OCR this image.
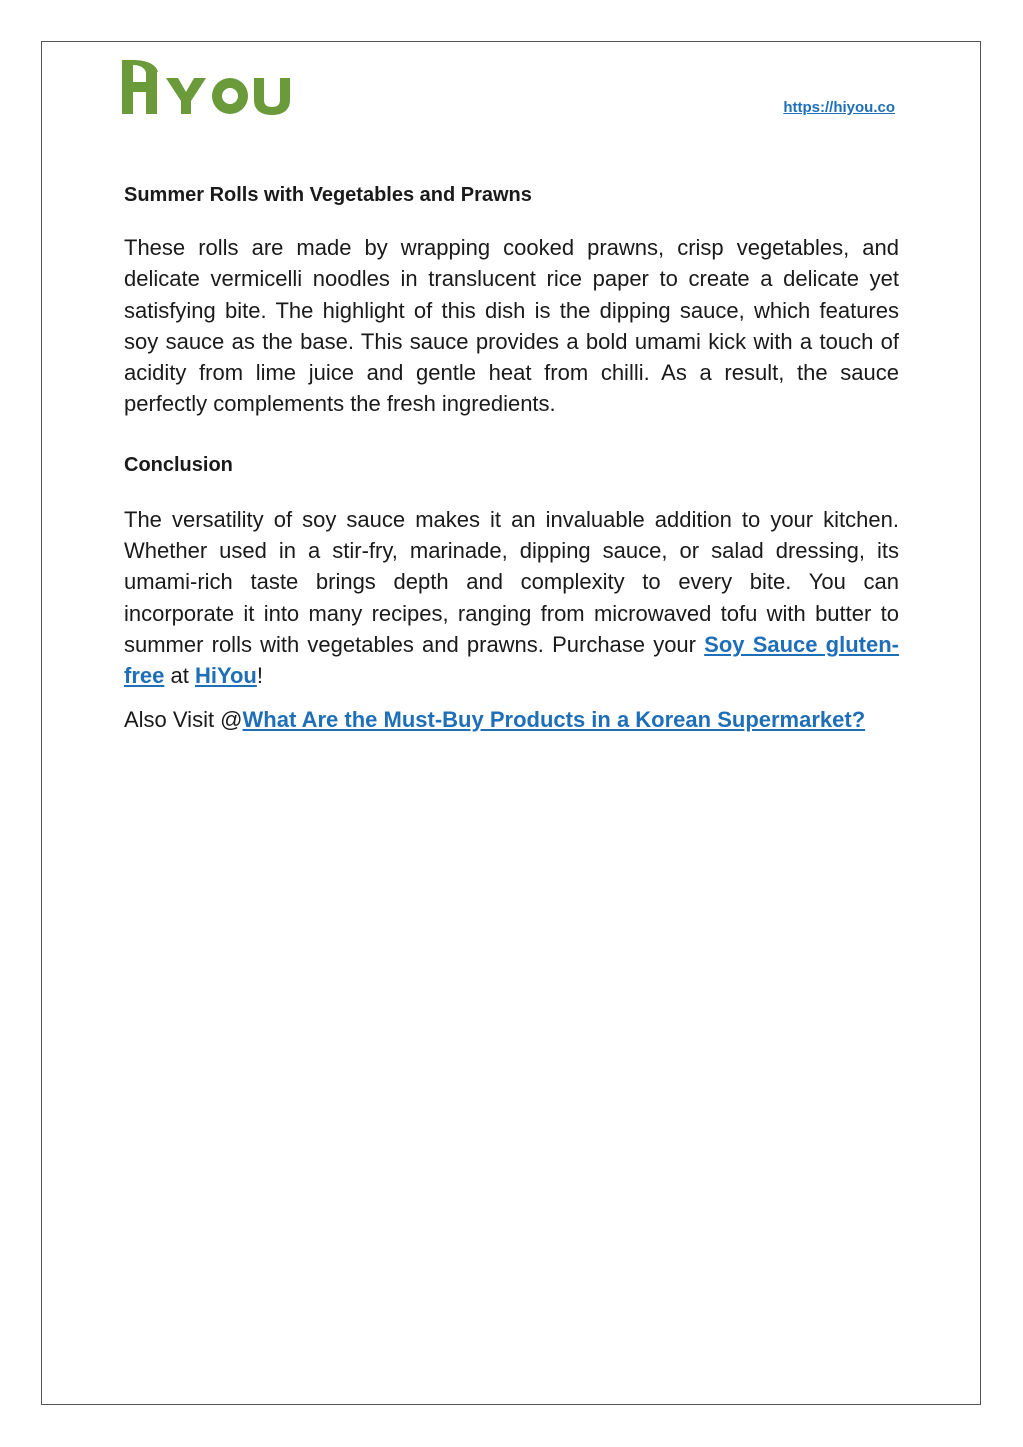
https://hiyou.co
Summer Rolls with Vegetables and Prawns

These rolls are made by wrapping cooked prawns, crisp vegetables, and delicate vermicelli noodles in translucent rice paper to create a delicate yet satisfying bite. The highlight of this dish is the dipping sauce, which features soy sauce as the base. This sauce provides a bold umami kick with a touch of acidity from lime juice and gentle heat from chilli. As a result, the sauce perfectly complements the fresh ingredients.

Conclusion

The versatility of soy sauce makes it an invaluable addition to your kitchen. Whether used in a stir-fry, marinade, dipping sauce, or salad dressing, its umami-rich taste brings depth and complexity to every bite. You can incorporate it into many recipes, ranging from microwaved tofu with butter to summer rolls with vegetables and prawns. Purchase your Soy Sauce gluten-free at HiYou!

Also Visit @What Are the Must-Buy Products in a Korean Supermarket?
